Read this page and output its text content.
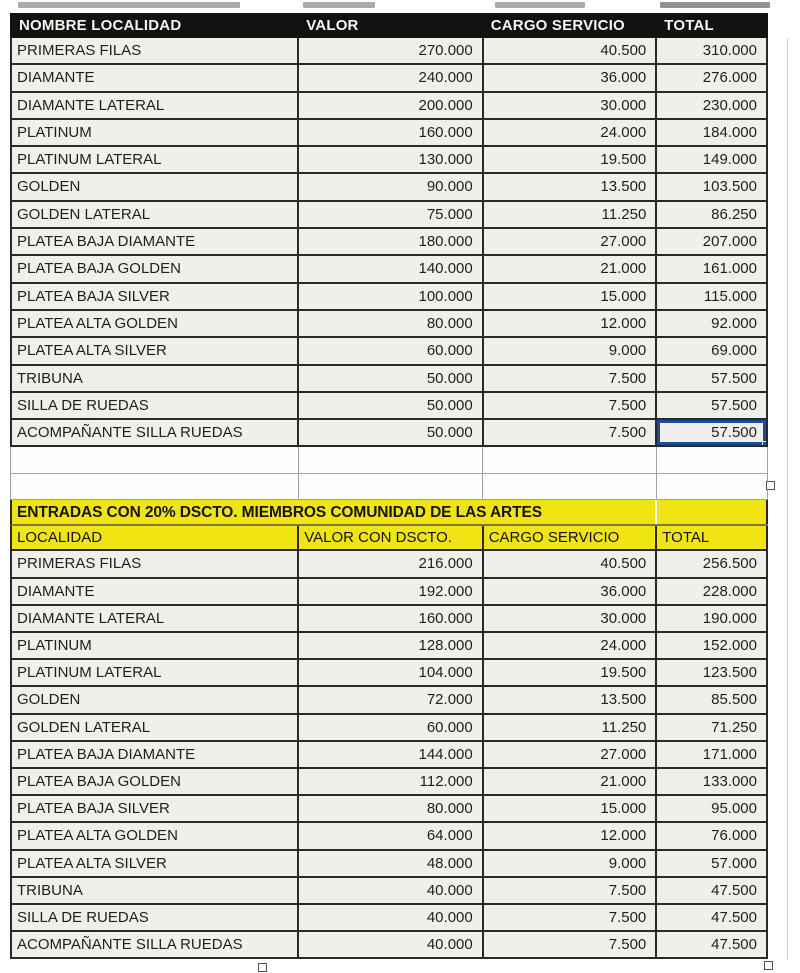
NOMBRE LOCALIDAD	VALOR	CARGO SERVICIO	TOTAL
PRIMERAS FILAS	270.000	40.500	310.000
DIAMANTE	240.000	36.000	276.000
DIAMANTE LATERAL	200.000	30.000	230.000
PLATINUM	160.000	24.000	184.000
PLATINUM LATERAL	130.000	19.500	149.000
GOLDEN	90.000	13.500	103.500
GOLDEN LATERAL	75.000	11.250	86.250
PLATEA BAJA DIAMANTE	180.000	27.000	207.000
PLATEA BAJA GOLDEN	140.000	21.000	161.000
PLATEA BAJA SILVER	100.000	15.000	115.000
PLATEA ALTA GOLDEN	80.000	12.000	92.000
PLATEA ALTA SILVER	60.000	9.000	69.000
TRIBUNA	50.000	7.500	57.500
SILLA DE RUEDAS	50.000	7.500	57.500
ACOMPAÑANTE SILLA RUEDAS	50.000	7.500	57.500
ENTRADAS CON 20% DSCTO. MIEMBROS COMUNIDAD DE LAS ARTES
LOCALIDAD	VALOR CON DSCTO.	CARGO SERVICIO	TOTAL
PRIMERAS FILAS	216.000	40.500	256.500
DIAMANTE	192.000	36.000	228.000
DIAMANTE LATERAL	160.000	30.000	190.000
PLATINUM	128.000	24.000	152.000
PLATINUM LATERAL	104.000	19.500	123.500
GOLDEN	72.000	13.500	85.500
GOLDEN LATERAL	60.000	11.250	71.250
PLATEA BAJA DIAMANTE	144.000	27.000	171.000
PLATEA BAJA GOLDEN	112.000	21.000	133.000
PLATEA BAJA SILVER	80.000	15.000	95.000
PLATEA ALTA GOLDEN	64.000	12.000	76.000
PLATEA ALTA SILVER	48.000	9.000	57.000
TRIBUNA	40.000	7.500	47.500
SILLA DE RUEDAS	40.000	7.500	47.500
ACOMPAÑANTE SILLA RUEDAS	40.000	7.500	47.500
